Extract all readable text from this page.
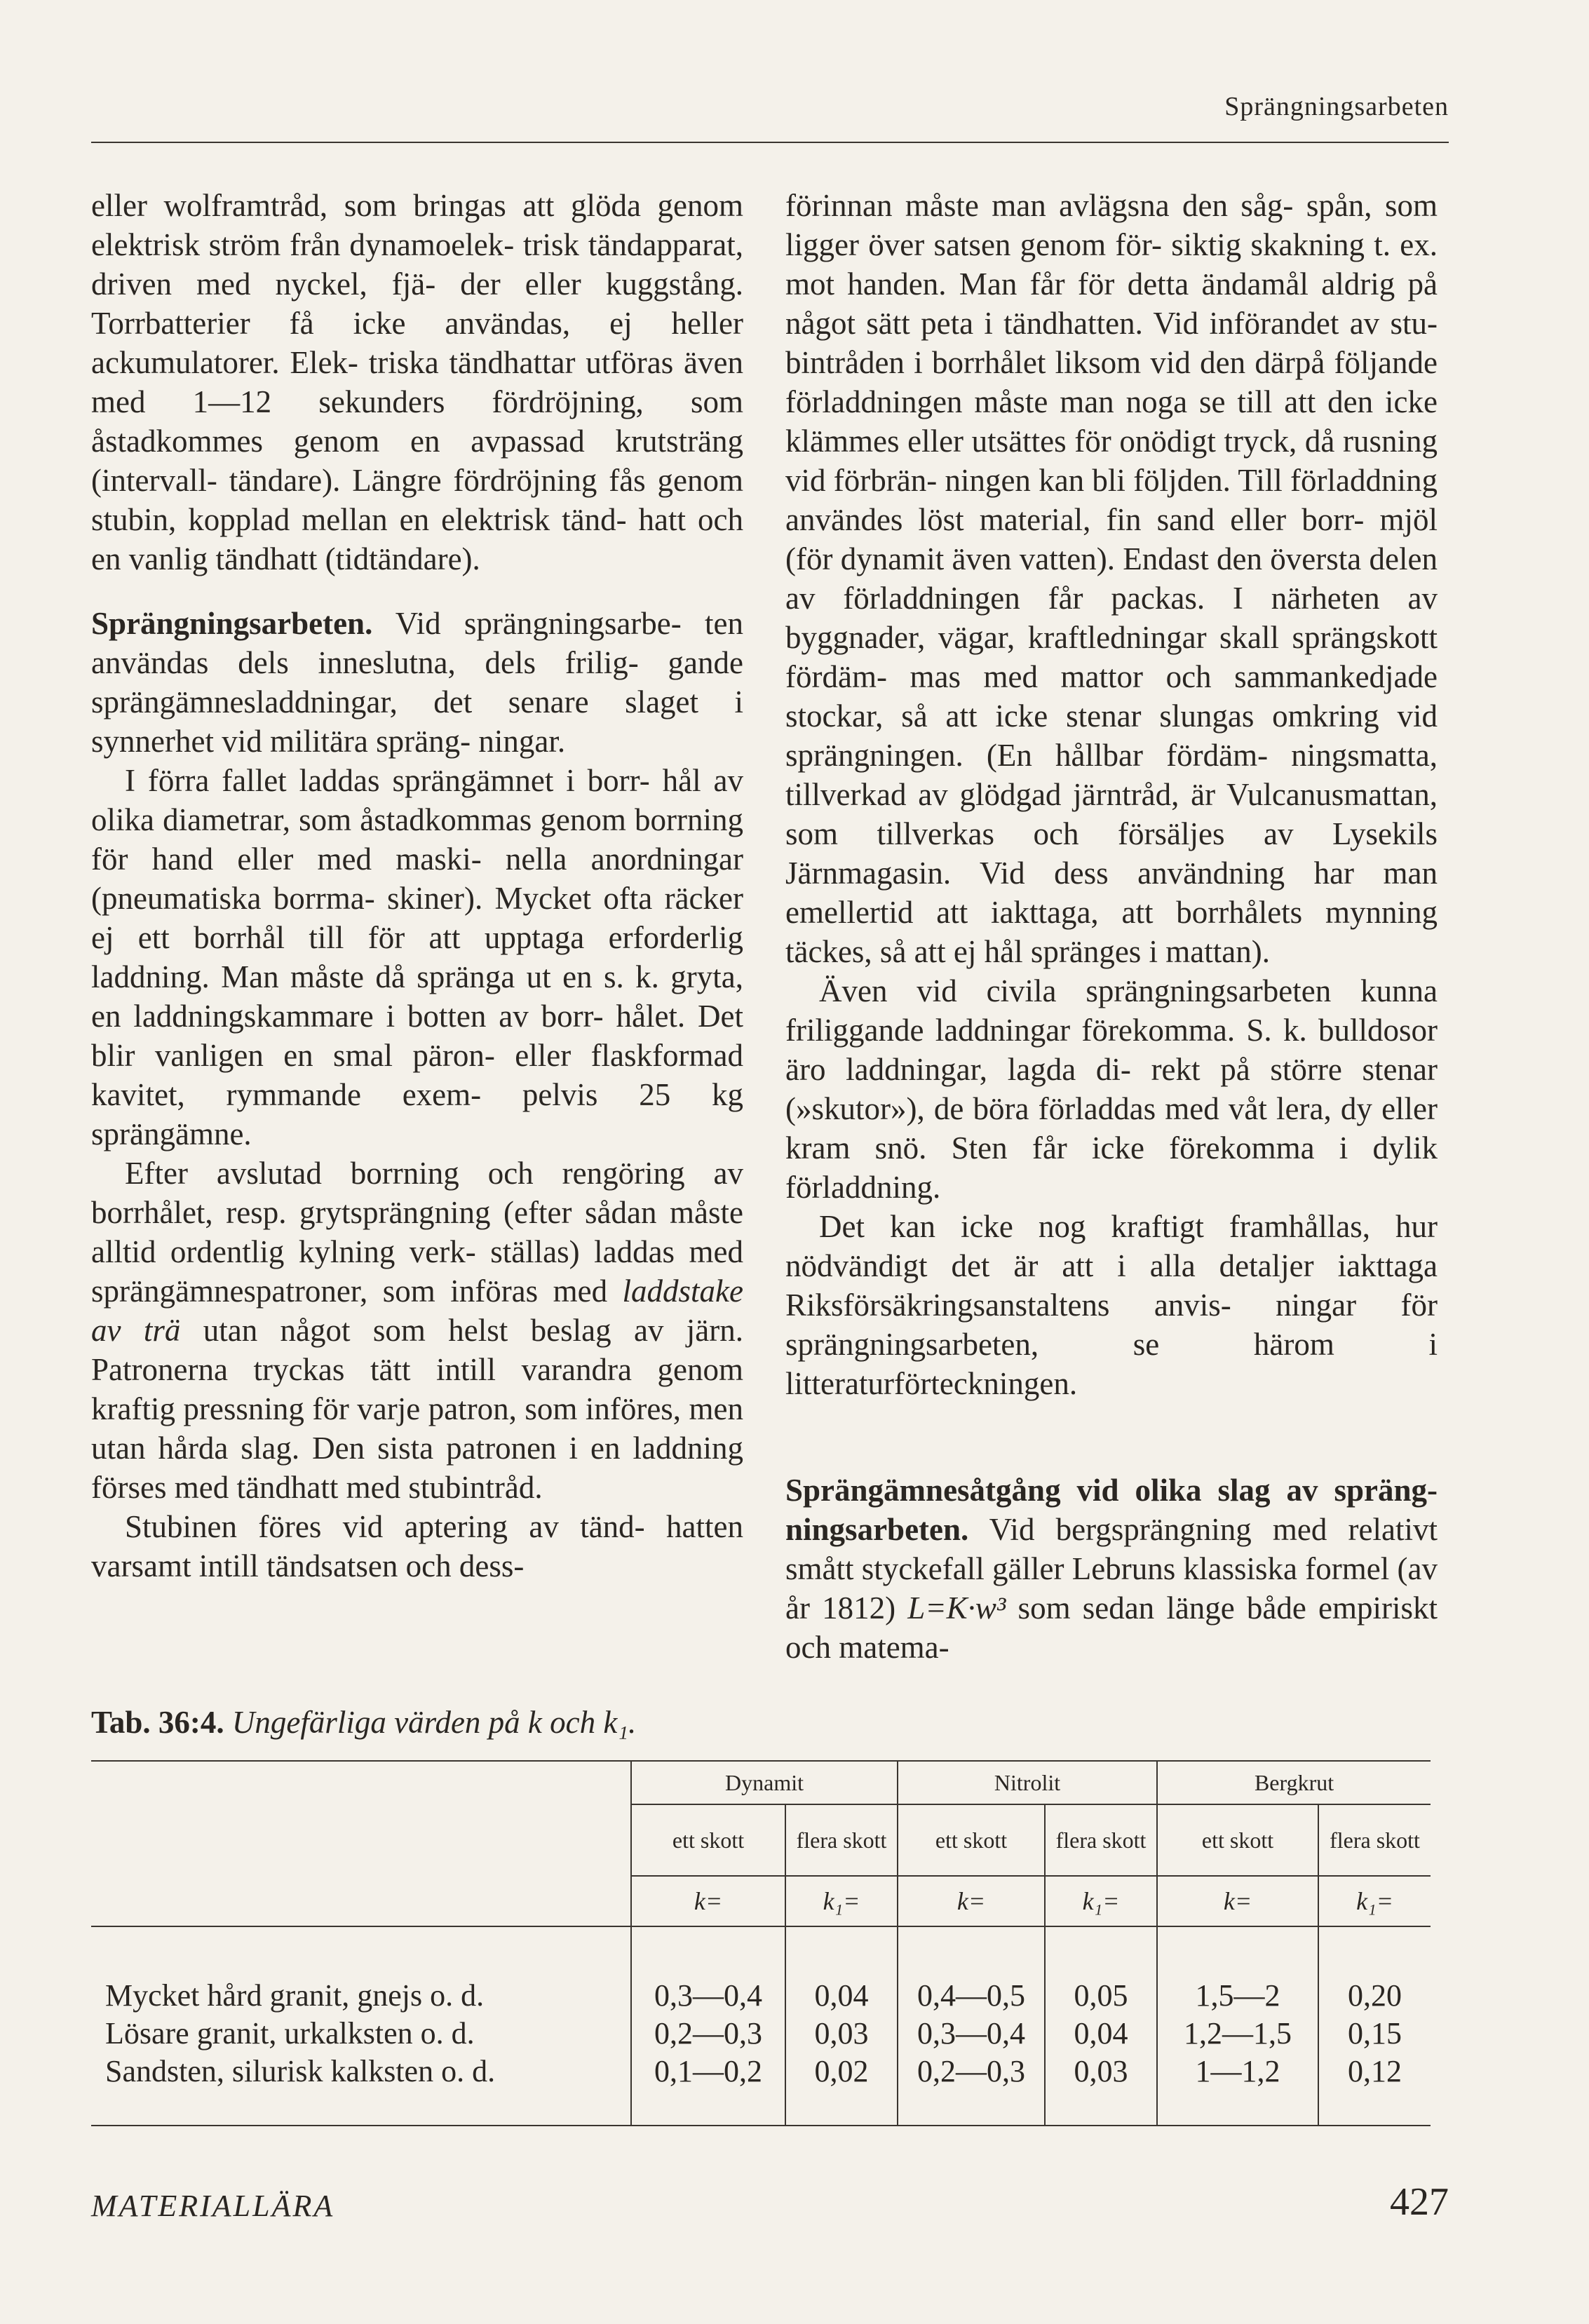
Sprängningsarbeten

eller wolframtråd, som bringas att glöda genom elektrisk ström från dynamoelek- trisk tändapparat, driven med nyckel, fjä- der eller kuggstång. Torrbatterier få icke användas, ej heller ackumulatorer. Elek- triska tändhattar utföras även med 1—12 sekunders fördröjning, som åstadkommes genom en avpassad krutsträng (intervall- tändare). Längre fördröjning fås genom stubin, kopplad mellan en elektrisk tänd- hatt och en vanlig tändhatt (tidtändare).

Sprängningsarbeten. Vid sprängningsarbe- ten användas dels inneslutna, dels frilig- gande sprängämnesladdningar, det senare slaget i synnerhet vid militära spräng- ningar.

I förra fallet laddas sprängämnet i borr- hål av olika diametrar, som åstadkommas genom borrning för hand eller med maski- nella anordningar (pneumatiska borrma- skiner). Mycket ofta räcker ej ett borrhål till för att upptaga erforderlig laddning. Man måste då spränga ut en s. k. gryta, en laddningskammare i botten av borr- hålet. Det blir vanligen en smal päron- eller flaskformad kavitet, rymmande exem- pelvis 25 kg sprängämne.

Efter avslutad borrning och rengöring av borrhålet, resp. grytsprängning (efter sådan måste alltid ordentlig kylning verk- ställas) laddas med sprängämnespatroner, som införas med laddstake av trä utan något som helst beslag av järn. Patronerna tryckas tätt intill varandra genom kraftig pressning för varje patron, som införes, men utan hårda slag. Den sista patronen i en laddning förses med tändhatt med stubintråd.

Stubinen föres vid aptering av tänd- hatten varsamt intill tändsatsen och dess-

förinnan måste man avlägsna den såg- spån, som ligger över satsen genom för- siktig skakning t. ex. mot handen. Man får för detta ändamål aldrig på något sätt peta i tändhatten. Vid införandet av stu- bintråden i borrhålet liksom vid den därpå följande förladdningen måste man noga se till att den icke klämmes eller utsättes för onödigt tryck, då rusning vid förbrän- ningen kan bli följden. Till förladdning användes löst material, fin sand eller borr- mjöl (för dynamit även vatten). Endast den översta delen av förladdningen får packas. I närheten av byggnader, vägar, kraftledningar skall sprängskott fördäm- mas med mattor och sammankedjade stockar, så att icke stenar slungas omkring vid sprängningen. (En hållbar fördäm- ningsmatta, tillverkad av glödgad järntråd, är Vulcanusmattan, som tillverkas och försäljes av Lysekils Järnmagasin. Vid dess användning har man emellertid att iakttaga, att borrhålets mynning täckes, så att ej hål spränges i mattan).

Även vid civila sprängningsarbeten kunna friliggande laddningar förekomma. S. k. bulldosor äro laddningar, lagda di- rekt på större stenar (»skutor»), de böra förladdas med våt lera, dy eller kram snö. Sten får icke förekomma i dylik förladdning.

Det kan icke nog kraftigt framhållas, hur nödvändigt det är att i alla detaljer iakttaga Riksförsäkringsanstaltens anvis- ningar för sprängningsarbeten, se härom i litteraturförteckningen.

Sprängämnesåtgång vid olika slag av spräng- ningsarbeten. Vid bergsprängning med relativt smått styckefall gäller Lebruns klassiska formel (av år 1812) L=K·w³ som sedan länge både empiriskt och matema-

Tab. 36:4. Ungefärliga värden på k och k₁.
	Dynamit		Nitrolit		Bergkrut	
	ett skott	flera skott	ett skott	flera skott	ett skott	flera skott
	k=	k₁=	k=	k₁=	k=	k₁=
Mycket hård granit, gnejs o. d.	0,3—0,4	0,04	0,4—0,5	0,05	1,5—2	0,20
Lösare granit, urkalksten o. d.	0,2—0,3	0,03	0,3—0,4	0,04	1,2—1,5	0,15
Sandsten, silurisk kalksten o. d.	0,1—0,2	0,02	0,2—0,3	0,03	1—1,2	0,12
MATERIALLÄRA	427
